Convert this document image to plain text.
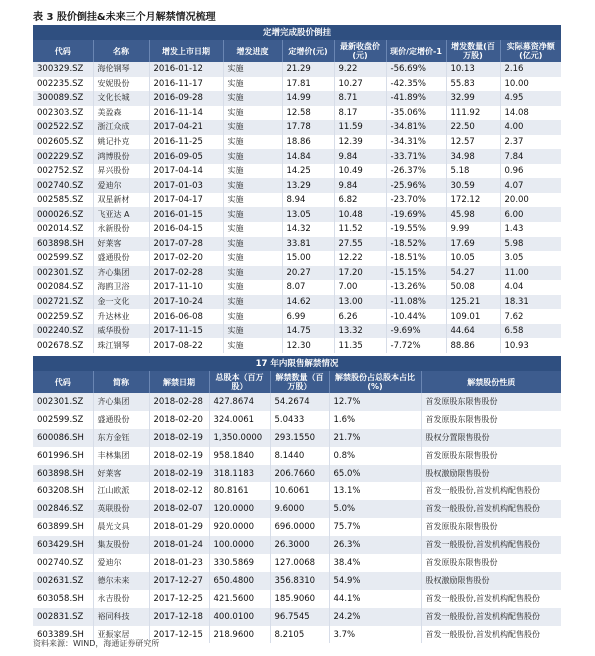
表 3 股价倒挂&未来三个月解禁情况梳理
定增完成股价倒挂								
代码	名称	增发上市日期	增发进度	定增价(元)	最新收盘价(元)	现价/定增价-1	增发数量(百万股)	实际募资净额(亿元)
300329.SZ	海伦钢琴	2016-01-12	实施	21.29	9.22	-56.69%	10.13	2.16
002235.SZ	安妮股份	2016-11-17	实施	17.81	10.27	-42.35%	55.83	10.00
300089.SZ	文化长城	2016-09-28	实施	14.99	8.71	-41.89%	32.99	4.95
002303.SZ	美盈森	2016-11-14	实施	12.58	8.17	-35.06%	111.92	14.08
002522.SZ	浙江众成	2017-04-21	实施	17.78	11.59	-34.81%	22.50	4.00
002605.SZ	姚记扑克	2016-11-25	实施	18.86	12.39	-34.31%	12.57	2.37
002229.SZ	鸿博股份	2016-09-05	实施	14.84	9.84	-33.71%	34.98	7.84
002752.SZ	昇兴股份	2017-04-14	实施	14.25	10.49	-26.37%	5.18	0.96
002740.SZ	爱迪尔	2017-01-03	实施	13.29	9.84	-25.96%	30.59	4.07
002585.SZ	双星新材	2017-04-17	实施	8.94	6.82	-23.70%	172.12	20.00
000026.SZ	飞亚达 A	2016-01-15	实施	13.05	10.48	-19.69%	45.98	6.00
002014.SZ	永新股份	2016-04-15	实施	14.32	11.52	-19.55%	9.99	1.43
603898.SH	好莱客	2017-07-28	实施	33.81	27.55	-18.52%	17.69	5.98
002599.SZ	盛通股份	2017-02-20	实施	15.00	12.22	-18.51%	10.05	3.05
002301.SZ	齐心集团	2017-02-28	实施	20.27	17.20	-15.15%	54.27	11.00
002084.SZ	海鸥卫浴	2017-11-10	实施	8.07	7.00	-13.26%	50.08	4.04
002721.SZ	金一文化	2017-10-24	实施	14.62	13.00	-11.08%	125.21	18.31
002259.SZ	升达林业	2016-06-08	实施	6.99	6.26	-10.44%	109.01	7.62
002240.SZ	威华股份	2017-11-15	实施	14.75	13.32	-9.69%	44.64	6.58
002678.SZ	珠江钢琴	2017-08-22	实施	12.30	11.35	-7.72%	88.86	10.93
17 年内限售解禁情况						
代码	简称	解禁日期	总股本（百万股）	解禁数量（百万股）	解禁股份占总股本占比(%)	解禁股份性质
002301.SZ	齐心集团	2018-02-28	427.8674	54.2674	12.7%	首发原股东限售股份
002599.SZ	盛通股份	2018-02-20	324.0061	5.0433	1.6%	首发原股东限售股份
600086.SH	东方金钰	2018-02-19	1,350.0000	293.1550	21.7%	股权分置限售股份
601996.SH	丰林集团	2018-02-19	958.1840	8.1440	0.8%	首发原股东限售股份
603898.SH	好莱客	2018-02-19	318.1183	206.7660	65.0%	股权激励限售股份
603208.SH	江山欧派	2018-02-12	80.8161	10.6061	13.1%	首发一般股份,首发机构配售股份
002846.SZ	英联股份	2018-02-07	120.0000	9.6000	5.0%	首发一般股份,首发机构配售股份
603899.SH	晨光文具	2018-01-29	920.0000	696.0000	75.7%	首发原股东限售股份
603429.SH	集友股份	2018-01-24	100.0000	26.3000	26.3%	首发一般股份,首发机构配售股份
002740.SZ	爱迪尔	2018-01-23	330.5869	127.0068	38.4%	首发原股东限售股份
002631.SZ	德尔未来	2017-12-27	650.4800	356.8310	54.9%	股权激励限售股份
603058.SH	永吉股份	2017-12-25	421.5600	185.9060	44.1%	首发一般股份,首发机构配售股份
002831.SZ	裕同科技	2017-12-18	400.0100	96.7545	24.2%	首发一般股份,首发机构配售股份
603389.SH	亚振家居	2017-12-15	218.9600	8.2105	3.7%	首发一般股份,首发机构配售股份
资料来源：WIND，海通证券研究所
